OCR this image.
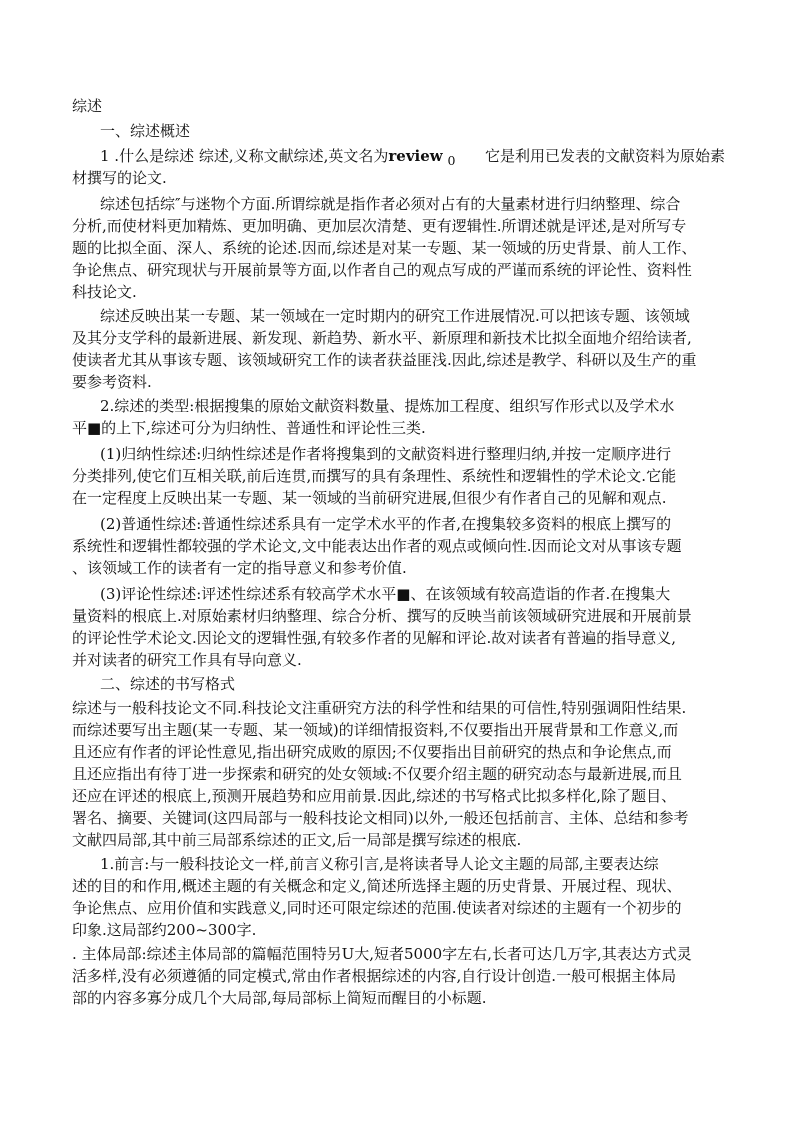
综述
一、综述概述
1 .什么是综述 综述,义称文献综述,英文名为review $_0$ 它是利用已发表的文献资料为原始素
材撰写的论文.
综述包括综″与迷物个方面.所谓综就是指作者必须对占有的大量素材进行归纳整理、综合
分析,而使材料更加精炼、更加明确、更加层次清楚、更有逻辑性.所谓述就是评述,是对所写专
题的比拟全面、深人、系统的论述.因而,综述是对某一专题、某一领域的历史背景、前人工作、
争论焦点、研究现状与开展前景等方面,以作者自己的观点写成的严谨而系统的评论性、资料性
科技论文.
综述反映出某一专题、某一领域在一定时期内的研究工作进展情况.可以把该专题、该领域
及其分支学科的最新进展、新发现、新趋势、新水平、新原理和新技术比拟全面地介绍给读者,
使读者尤其从事该专题、该领域研究工作的读者获益匪浅.因此,综述是教学、科研以及生产的重
要参考资料.
2.综述的类型:根据搜集的原始文献资料数量、提炼加工程度、组织写作形式以及学术水
平■的上下,综述可分为归纳性、普通性和评论性三类.
(1)归纳性综述:归纳性综述是作者将搜集到的文献资料进行整理归纳,并按一定顺序进行
分类排列,使它们互相关联,前后连贯,而撰写的具有条理性、系统性和逻辑性的学术论文.它能
在一定程度上反映出某一专题、某一领域的当前研究进展,但很少有作者自己的见解和观点.
(2)普通性综述:普通性综述系具有一定学术水平的作者,在搜集较多资料的根底上撰写的
系统性和逻辑性都较强的学术论文,文中能表达出作者的观点或倾向性.因而论文对从事该专题
、该领域工作的读者有一定的指导意义和参考价值.
(3)评论性综述:评述性综述系有较高学术水平■、在该领域有较高造诣的作者.在搜集大
量资料的根底上.对原始素材归纳整理、综合分析、撰写的反映当前该领域研究进展和开展前景
的评论性学术论文.因论文的逻辑性强,有较多作者的见解和评论.故对读者有普遍的指导意义,
并对读者的研究工作具有导向意义.
二、综述的书写格式
综述与一般科技论文不同.科技论文注重研究方法的科学性和结果的可信性,特别强调阳性结果.
而综述要写出主题(某一专题、某一领域)的详细情报资料,不仅要指出开展背景和工作意义,而
且还应有作者的评论性意见,指出研究成败的原因;不仅要指出目前研究的热点和争论焦点,而
且还应指出有待丁进一步探索和研究的处女领域:不仅要介绍主题的研究动态与最新进展,而且
还应在评述的根底上,预测开展趋势和应用前景.因此,综述的书写格式比拟多样化,除了题目、
署名、摘要、关键词(这四局部与一般科技论文相同)以外,一般还包括前言、主体、总结和参考
文献四局部,其中前三局部系综述的正文,后一局部是撰写综述的根底.
1.前言:与一般科技论文一样,前言义称引言,是将读者导人论文主题的局部,主要表达综
述的目的和作用,概述主题的有关概念和定义,简述所选择主题的历史背景、开展过程、现状、
争论焦点、应用价值和实践意义,同时还可限定综述的范围.使读者对综述的主题有一个初步的
印象.这局部约200~300字.
. 主体局部:综述主体局部的篇幅范围特另U大,短者5000字左右,长者可达几万字,其表达方式灵
活多样,没有必须遵循的同定模式,常由作者根据综述的内容,自行设计创造.一般可根据主体局
部的内容多寡分成几个大局部,每局部标上简短而醒目的小标题.
